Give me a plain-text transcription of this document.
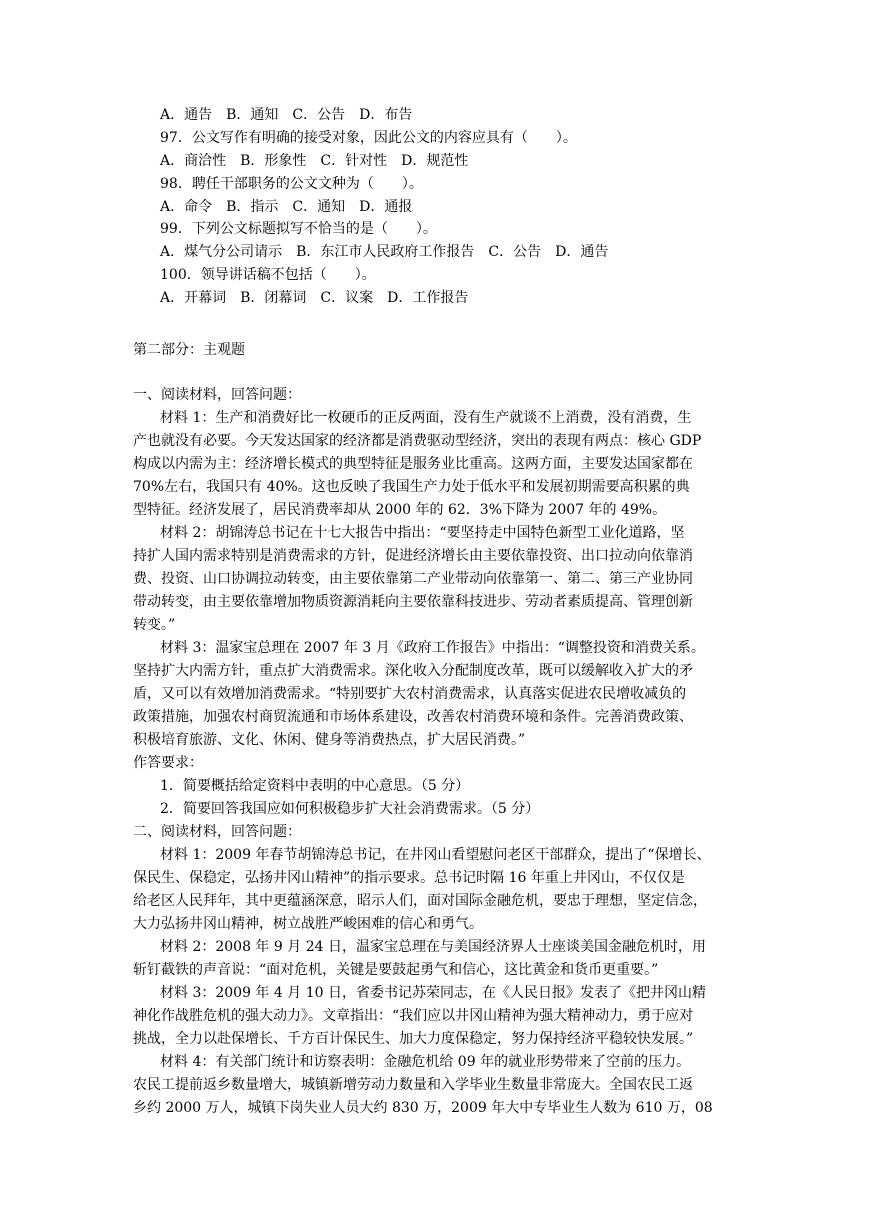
A．通告　B．通知　C．公告　D．布告
97．公文写作有明确的接受对象，因此公文的内容应具有（　　）。
A．商洽性　B．形象性　C．针对性　D．规范性
98．聘任干部职务的公文文种为（　　）。
A．命令　B．指示　C．通知　D．通报
99．下列公文标题拟写不恰当的是（　　）。
A．煤气分公司请示　B．东江市人民政府工作报告　C．公告　D．通告
100．领导讲话稿不包括（　　）。
A．开幕词　B．闭幕词　C．议案　D．工作报告
第二部分：主观题
一、阅读材料，回答问题：
材料 1：生产和消费好比一枚硬币的正反两面，没有生产就谈不上消费，没有消费，生
产也就没有必要。今天发达国家的经济都是消费驱动型经济，突出的表现有两点：核心 GDP
构成以内需为主：经济增长模式的典型特征是服务业比重高。这两方面，主要发达国家都在
70%左右，我国只有 40%。这也反映了我国生产力处于低水平和发展初期需要高积累的典
型特征。经济发展了，居民消费率却从 2000 年的 62．3%下降为 2007 年的 49%。
材料 2：胡锦涛总书记在十七大报告中指出：“要坚持走中国特色新型工业化道路，坚
持扩人国内需求特别是消费需求的方针，促进经济增长由主要依靠投资、出口拉动向依靠消
费、投资、山口协调拉动转变，由主要依靠第二产业带动向依靠第一、第二、第三产业协同
带动转变，由主要依靠增加物质资源消耗向主要依靠科技进步、劳动者素质提高、管理创新
转变。”
材料 3：温家宝总理在 2007 年 3 月《政府工作报告》中指出：“调整投资和消费关系。
坚持扩大内需方针，重点扩大消费需求。深化收入分配制度改革，既可以缓解收入扩大的矛
盾，又可以有效增加消费需求。“特别要扩大农村消费需求，认真落实促进农民增收减负的
政策措施，加强农村商贸流通和市场体系建设，改善农村消费环境和条件。完善消费政策、
积极培育旅游、文化、休闲、健身等消费热点，扩大居民消费。”
作答要求：
1．简要概括给定资料中表明的中心意思。（5 分）
2．简要回答我国应如何积极稳步扩大社会消费需求。（5 分）
二、阅读材料，回答问题：
材料 1：2009 年春节胡锦涛总书记，在井冈山看望慰问老区干部群众，提出了“保增长、
保民生、保稳定，弘扬井冈山精神”的指示要求。总书记时隔 16 年重上井冈山，不仅仅是
给老区人民拜年，其中更蕴涵深意，昭示人们，面对国际金融危机，要忠于理想，坚定信念，
大力弘扬井冈山精神，树立战胜严峻困难的信心和勇气。
材料 2：2008 年 9 月 24 日，温家宝总理在与美国经济界人士座谈美国金融危机时，用
斩钉截铁的声音说：“面对危机，关键是要鼓起勇气和信心，这比黄金和货币更重要。”
材料 3：2009 年 4 月 10 日，省委书记苏荣同志，在《人民日报》发表了《把井冈山精
神化作战胜危机的强大动力》。文章指出：“我们应以井冈山精神为强大精神动力，勇于应对
挑战，全力以赴保增长、千方百计保民生、加大力度保稳定，努力保持经济平稳较快发展。”
材料 4：有关部门统计和访察表明：金融危机给 09 年的就业形势带来了空前的压力。
农民工提前返乡数量增大，城镇新增劳动力数量和入学毕业生数量非常庞大。全国农民工返
乡约 2000 万人，城镇下岗失业人员大约 830 万，2009 年大中专毕业生人数为 610 万，08
